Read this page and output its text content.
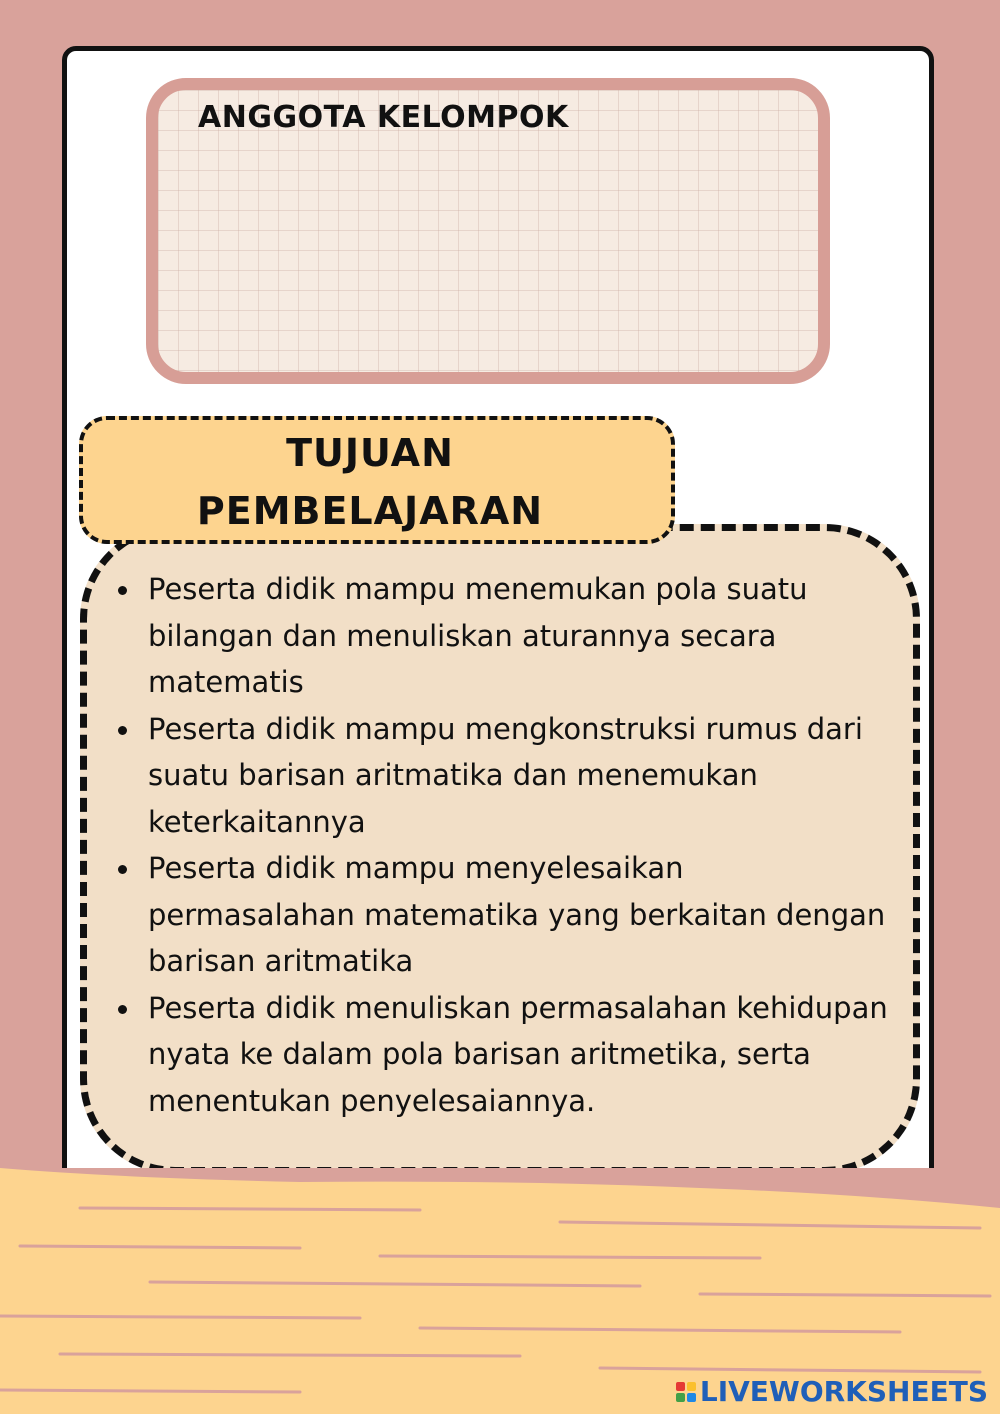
ANGGOTA KELOMPOK
TUJUAN
PEMBELAJARAN
Peserta didik mampu menemukan pola suatu bilangan dan menuliskan aturannya secara matematis
Peserta didik mampu mengkonstruksi rumus dari suatu barisan aritmatika dan menemukan keterkaitannya
Peserta didik mampu menyelesaikan permasalahan matematika yang berkaitan dengan barisan aritmatika
Peserta didik menuliskan permasalahan kehidupan nyata ke dalam pola barisan aritmetika, serta menentukan penyelesaiannya.
LIVEWORKSHEETS
